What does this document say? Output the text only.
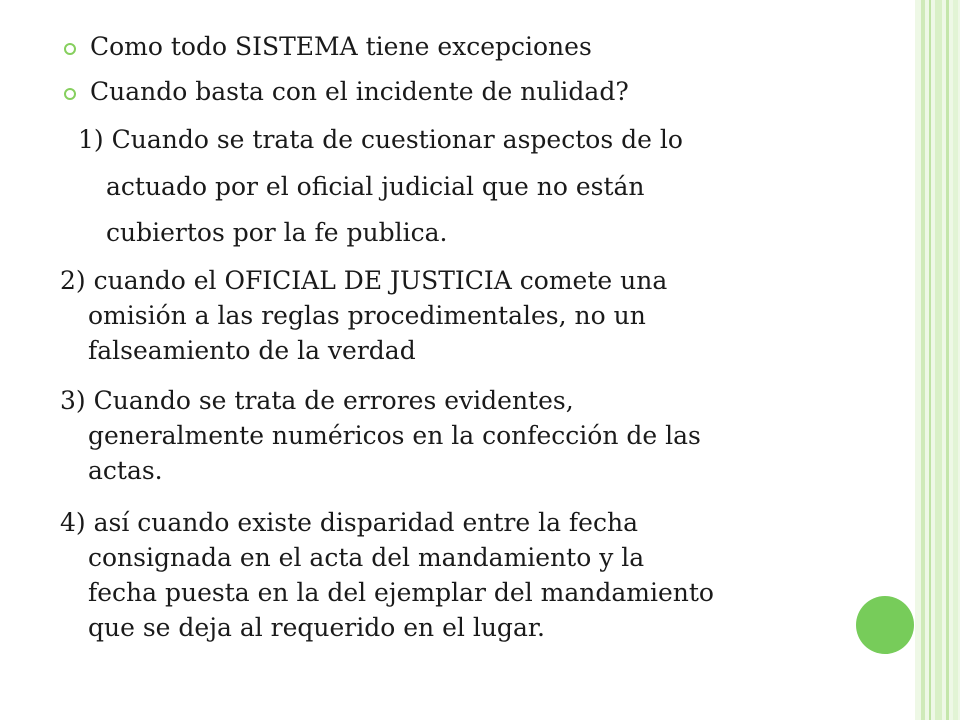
Como todo SISTEMA tiene excepciones
Cuando basta con el incidente de nulidad?
1) Cuando se trata de cuestionar aspectos de lo
actuado por el oficial judicial que no están
cubiertos por la fe publica.
2) cuando el OFICIAL DE JUSTICIA comete una
omisión a las reglas procedimentales, no un
falseamiento de la verdad
3) Cuando se trata de errores evidentes,
generalmente numéricos en la confección de las
actas.
4) así cuando existe disparidad entre la fecha
consignada en el acta del mandamiento y la
fecha puesta en la del ejemplar del mandamiento
que se deja al requerido en el lugar.
